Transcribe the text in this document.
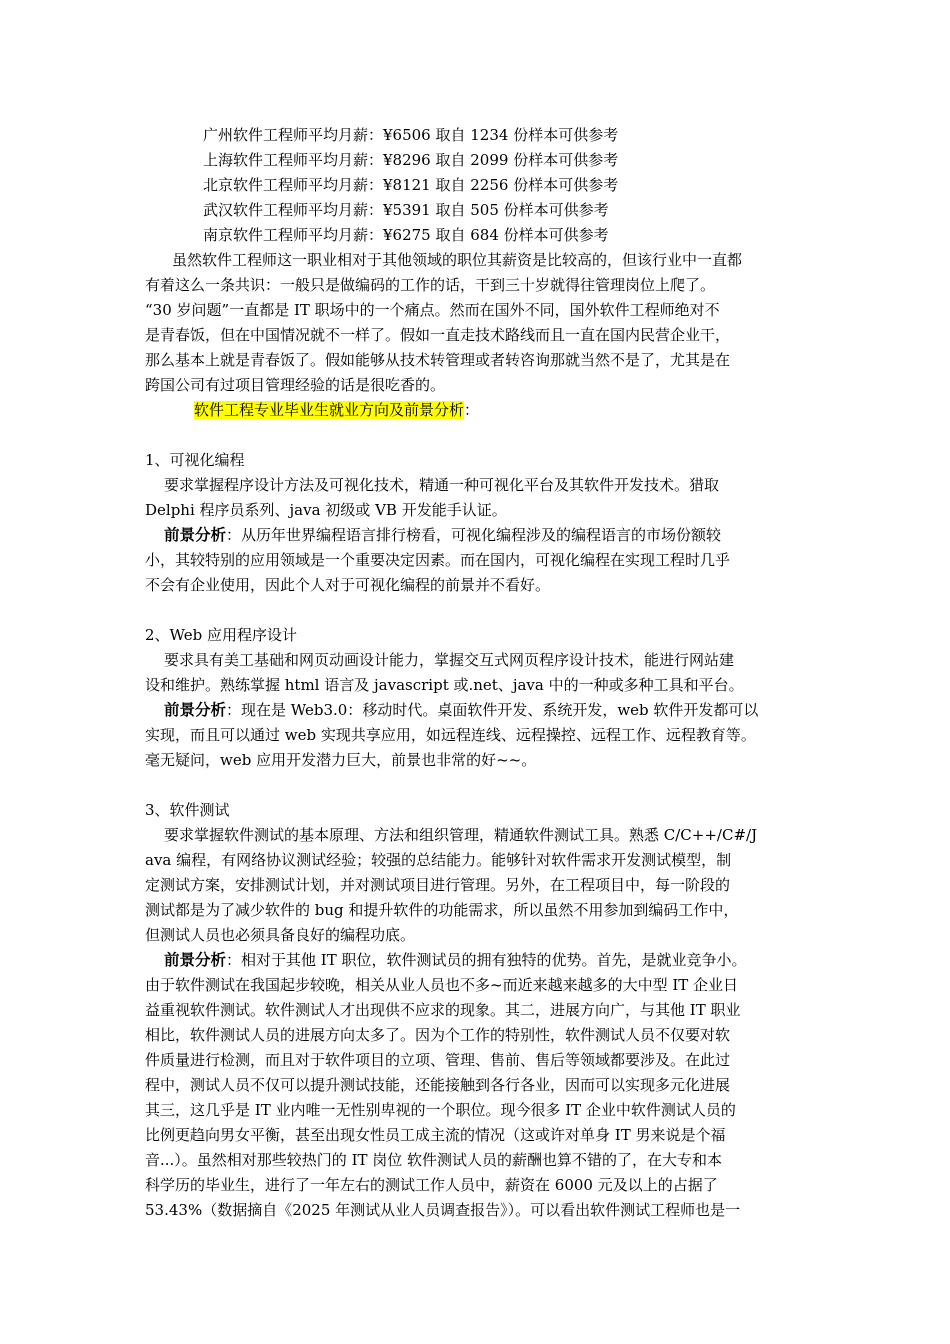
广州软件工程师平均月薪：¥6506 取自 1234 份样本可供参考
上海软件工程师平均月薪：¥8296 取自 2099 份样本可供参考
北京软件工程师平均月薪：¥8121 取自 2256 份样本可供参考
武汉软件工程师平均月薪：¥5391 取自 505 份样本可供参考
南京软件工程师平均月薪：¥6275 取自 684 份样本可供参考
虽然软件工程师这一职业相对于其他领域的职位其薪资是比较高的，但该行业中一直都
有着这么一条共识：一般只是做编码的工作的话，干到三十岁就得往管理岗位上爬了。
“30 岁问题”一直都是 IT 职场中的一个痛点。然而在国外不同，国外软件工程师绝对不
是青春饭，但在中国情况就不一样了。假如一直走技术路线而且一直在国内民营企业干，
那么基本上就是青春饭了。假如能够从技术转管理或者转咨询那就当然不是了，尤其是在
跨国公司有过项目管理经验的话是很吃香的。
软件工程专业毕业生就业方向及前景分析：
1、可视化编程
要求掌握程序设计方法及可视化技术，精通一种可视化平台及其软件开发技术。猎取
Delphi 程序员系列、java 初级或 VB 开发能手认证。
前景分析：从历年世界编程语言排行榜看，可视化编程涉及的编程语言的市场份额较
小，其较特别的应用领域是一个重要决定因素。而在国内，可视化编程在实现工程时几乎
不会有企业使用，因此个人对于可视化编程的前景并不看好。
2、Web 应用程序设计
要求具有美工基础和网页动画设计能力，掌握交互式网页程序设计技术，能进行网站建
设和维护。熟练掌握 html 语言及 javascript 或.net、java 中的一种或多种工具和平台。
前景分析：现在是 Web3.0：移动时代。桌面软件开发、系统开发，web 软件开发都可以
实现，而且可以通过 web 实现共享应用，如远程连线、远程操控、远程工作、远程教育等。
毫无疑问，web 应用开发潜力巨大，前景也非常的好~~。
3、软件测试
要求掌握软件测试的基本原理、方法和组织管理，精通软件测试工具。熟悉 C/C++/C#/J
ava 编程，有网络协议测试经验；较强的总结能力。能够针对软件需求开发测试模型，制
定测试方案，安排测试计划，并对测试项目进行管理。另外，在工程项目中，每一阶段的
测试都是为了减少软件的 bug 和提升软件的功能需求，所以虽然不用参加到编码工作中，
但测试人员也必须具备良好的编程功底。
前景分析：相对于其他 IT 职位，软件测试员的拥有独特的优势。首先，是就业竞争小。
由于软件测试在我国起步较晚，相关从业人员也不多~而近来越来越多的大中型 IT 企业日
益重视软件测试。软件测试人才出现供不应求的现象。其二，进展方向广，与其他 IT 职业
相比，软件测试人员的进展方向太多了。因为个工作的特别性，软件测试人员不仅要对软
件质量进行检测，而且对于软件项目的立项、管理、售前、售后等领域都要涉及。在此过
程中，测试人员不仅可以提升测试技能，还能接触到各行各业，因而可以实现多元化进展
其三，这几乎是 IT 业内唯一无性别卑视的一个职位。现今很多 IT 企业中软件测试人员的
比例更趋向男女平衡，甚至出现女性员工成主流的情况（这或许对单身 IT 男来说是个福
音...）。虽然相对那些较热门的 IT 岗位 软件测试人员的薪酬也算不错的了，在大专和本
科学历的毕业生，进行了一年左右的测试工作人员中，薪资在 6000 元及以上的占据了
53.43%（数据摘自《2025 年测试从业人员调查报告》）。可以看出软件测试工程师也是一
